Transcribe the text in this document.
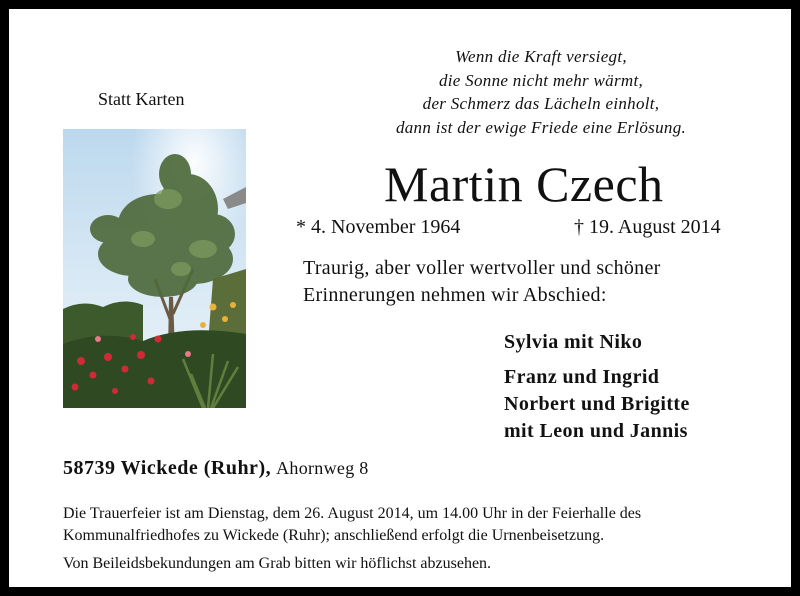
Statt Karten
Wenn die Kraft versiegt,
die Sonne nicht mehr wärmt,
der Schmerz das Lächeln einholt,
dann ist der ewige Friede eine Erlösung.
Martin Czech
* 4. November 1964	† 19. August 2014
Traurig, aber voller wertvoller und schöner
Erinnerungen nehmen wir Abschied:
Sylvia mit Niko
Franz und Ingrid
Norbert und Brigitte
mit Leon und Jannis
58739 Wickede (Ruhr), Ahornweg 8
Die Trauerfeier ist am Dienstag, dem 26. August 2014, um 14.00 Uhr in der Feierhalle des
Kommunalfriedhofes zu Wickede (Ruhr); anschließend erfolgt die Urnenbeisetzung.
Von Beileidsbekundungen am Grab bitten wir höflichst abzusehen.
